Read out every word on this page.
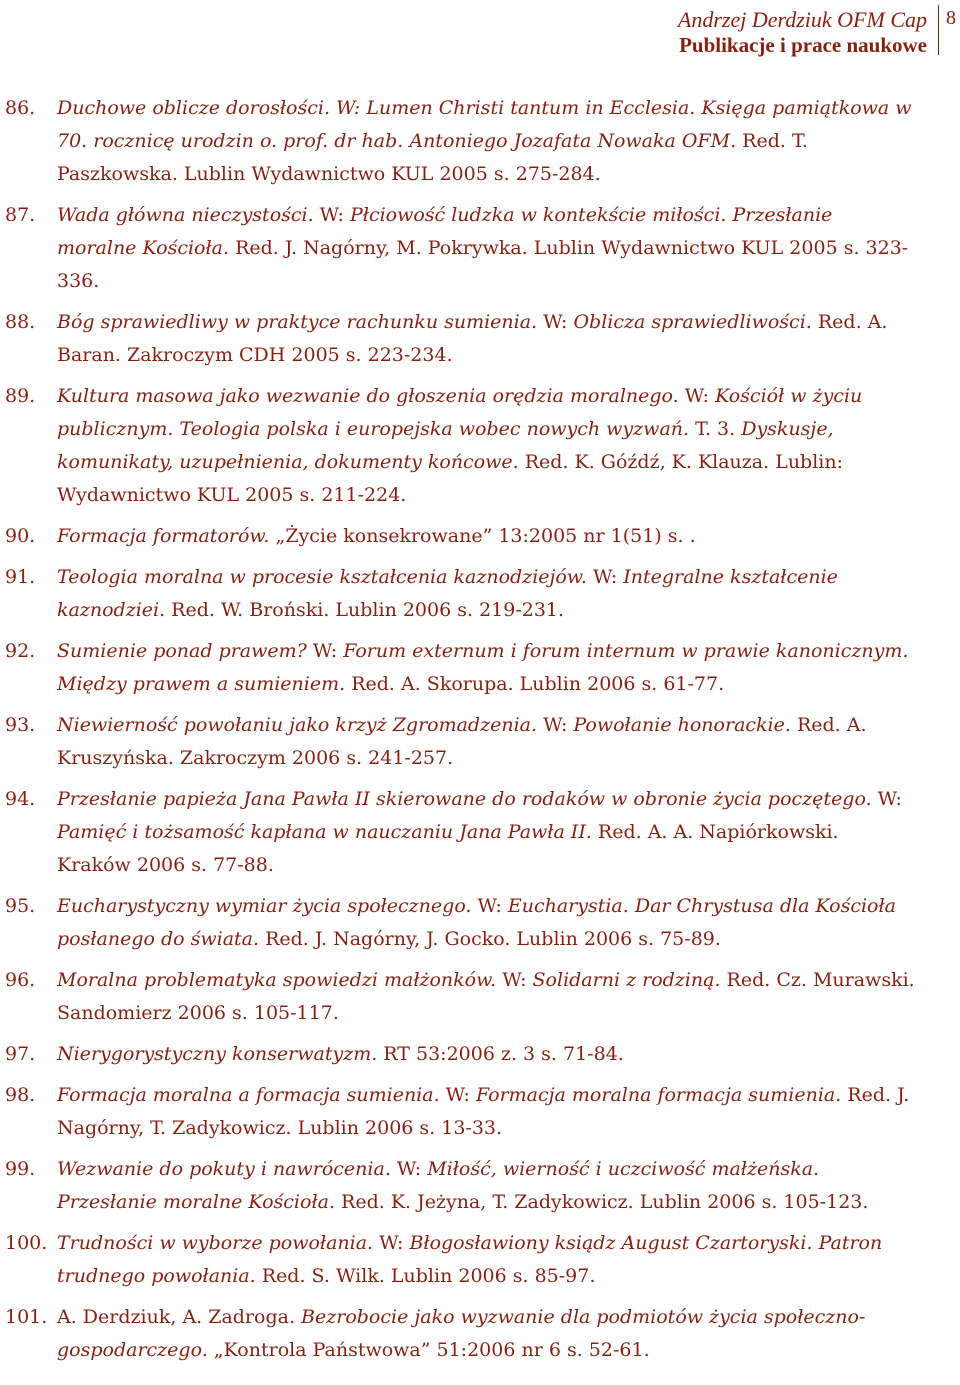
Andrzej Derdziuk OFM Cap
Publikacje i prace naukowe
8
86.	Duchowe oblicze dorosłości. W: Lumen Christi tantum in Ecclesia. Księga pamiątkowa w 70. rocznicę urodzin o. prof. dr hab. Antoniego Jozafata Nowaka OFM. Red. T. Paszkowska. Lublin Wydawnictwo KUL 2005 s. 275-284.
87.	Wada główna nieczystości. W: Płciowość ludzka w kontekście miłości. Przesłanie moralne Kościoła. Red. J. Nagórny, M. Pokrywka. Lublin Wydawnictwo KUL 2005 s. 323-336.
88.	Bóg sprawiedliwy w praktyce rachunku sumienia. W: Oblicza sprawiedliwości. Red. A. Baran. Zakroczym CDH 2005 s. 223-234.
89.	Kultura masowa jako wezwanie do głoszenia orędzia moralnego. W: Kościół w życiu publicznym. Teologia polska i europejska wobec nowych wyzwań. T. 3. Dyskusje, komunikaty, uzupełnienia, dokumenty końcowe. Red. K. Góźdź, K. Klauza. Lublin: Wydawnictwo KUL 2005 s. 211-224.
90.	Formacja formatorów. „Życie konsekrowane” 13:2005 nr 1(51) s. .
91.	Teologia moralna w procesie kształcenia kaznodziejów. W: Integralne kształcenie kaznodziei. Red. W. Broński. Lublin 2006 s. 219-231.
92.	Sumienie ponad prawem? W: Forum externum i forum internum w prawie kanonicznym. Między prawem a sumieniem. Red. A. Skorupa. Lublin 2006 s. 61-77.
93.	Niewierność powołaniu jako krzyż Zgromadzenia. W: Powołanie honorackie. Red. A. Kruszyńska. Zakroczym 2006 s. 241-257.
94.	Przesłanie papieża Jana Pawła II skierowane do rodaków w obronie życia poczętego. W: Pamięć i tożsamość kapłana w nauczaniu Jana Pawła II. Red. A. A. Napiórkowski. Kraków 2006 s. 77-88.
95.	Eucharystyczny wymiar życia społecznego. W: Eucharystia. Dar Chrystusa dla Kościoła posłanego do świata. Red. J. Nagórny, J. Gocko. Lublin 2006 s. 75-89.
96.	Moralna problematyka spowiedzi małżonków. W: Solidarni z rodziną. Red. Cz. Murawski. Sandomierz 2006 s. 105-117.
97.	Nierygorystyczny konserwatyzm. RT 53:2006 z. 3 s. 71-84.
98.	Formacja moralna a formacja sumienia. W: Formacja moralna formacja sumienia. Red. J. Nagórny, T. Zadykowicz. Lublin 2006 s. 13-33.
99.	Wezwanie do pokuty i nawrócenia. W: Miłość, wierność i uczciwość małżeńska. Przesłanie moralne Kościoła. Red. K. Jeżyna, T. Zadykowicz. Lublin 2006 s. 105-123.
100. Trudności w wyborze powołania. W: Błogosławiony ksiądz August Czartoryski. Patron trudnego powołania. Red. S. Wilk. Lublin 2006 s. 85-97.
101. A. Derdziuk, A. Zadroga. Bezrobocie jako wyzwanie dla podmiotów życia społeczno-gospodarczego. „Kontrola Państwowa” 51:2006 nr 6 s. 52-61.
